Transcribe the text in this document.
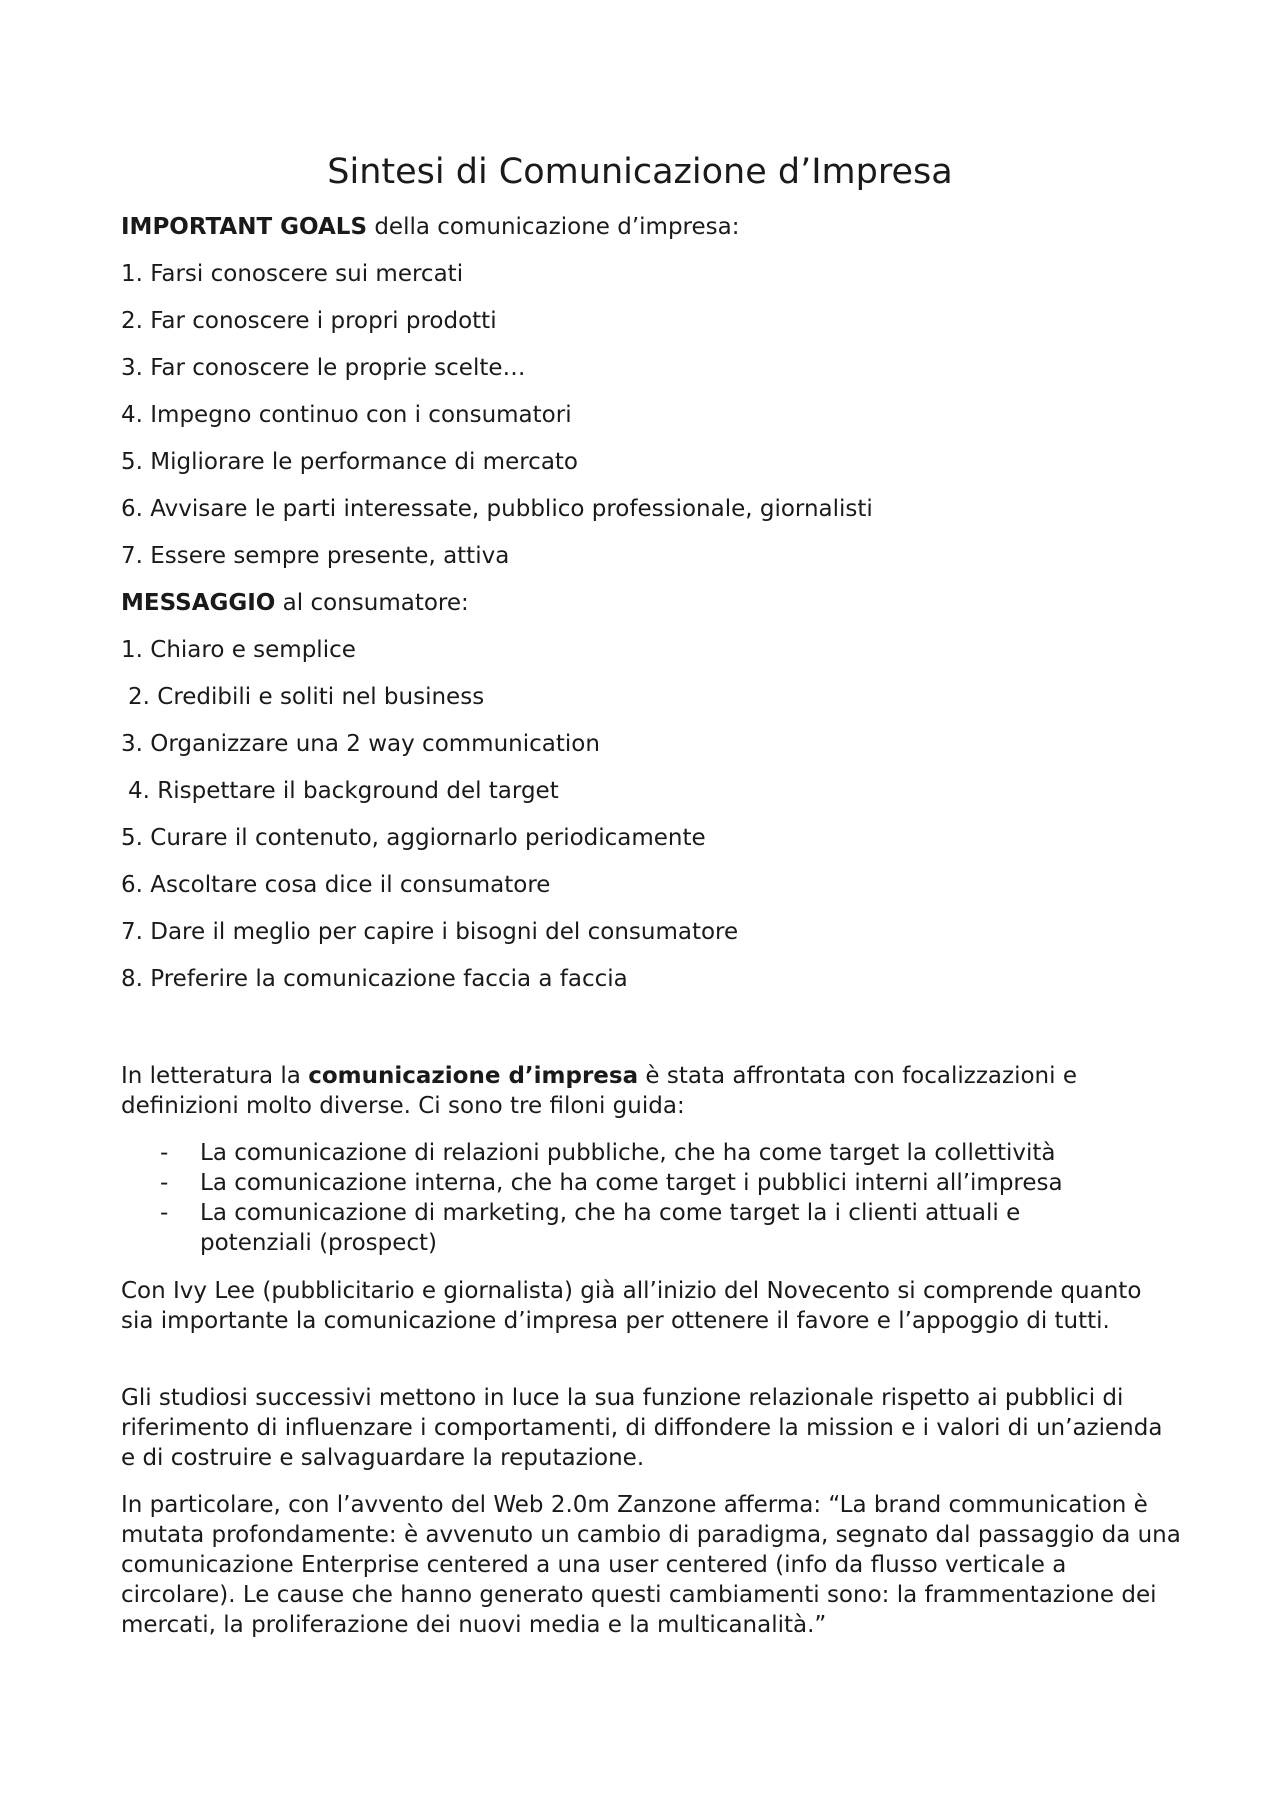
Sintesi di Comunicazione d’Impresa

IMPORTANT GOALS della comunicazione d’impresa:

1. Farsi conoscere sui mercati

2. Far conoscere i propri prodotti

3. Far conoscere le proprie scelte…

4. Impegno continuo con i consumatori

5. Migliorare le performance di mercato

6. Avvisare le parti interessate, pubblico professionale, giornalisti

7. Essere sempre presente, attiva

MESSAGGIO al consumatore:

1. Chiaro e semplice

2. Credibili e soliti nel business

3. Organizzare una 2 way communication

4. Rispettare il background del target

5. Curare il contenuto, aggiornarlo periodicamente

6. Ascoltare cosa dice il consumatore

7. Dare il meglio per capire i bisogni del consumatore

8. Preferire la comunicazione faccia a faccia

In letteratura la comunicazione d’impresa è stata affrontata con focalizzazioni e definizioni molto diverse. Ci sono tre filoni guida:

- La comunicazione di relazioni pubbliche, che ha come target la collettività
- La comunicazione interna, che ha come target i pubblici interni all’impresa
- La comunicazione di marketing, che ha come target la i clienti attuali e potenziali (prospect)

Con Ivy Lee (pubblicitario e giornalista) già all’inizio del Novecento si comprende quanto sia importante la comunicazione d’impresa per ottenere il favore e l’appoggio di tutti.

Gli studiosi successivi mettono in luce la sua funzione relazionale rispetto ai pubblici di riferimento di influenzare i comportamenti, di diffondere la mission e i valori di un’azienda e di costruire e salvaguardare la reputazione.

In particolare, con l’avvento del Web 2.0m Zanzone afferma: “La brand communication è mutata profondamente: è avvenuto un cambio di paradigma, segnato dal passaggio da una comunicazione Enterprise centered a una user centered (info da flusso verticale a circolare). Le cause che hanno generato questi cambiamenti sono: la frammentazione dei mercati, la proliferazione dei nuovi media e la multicanalità.”
